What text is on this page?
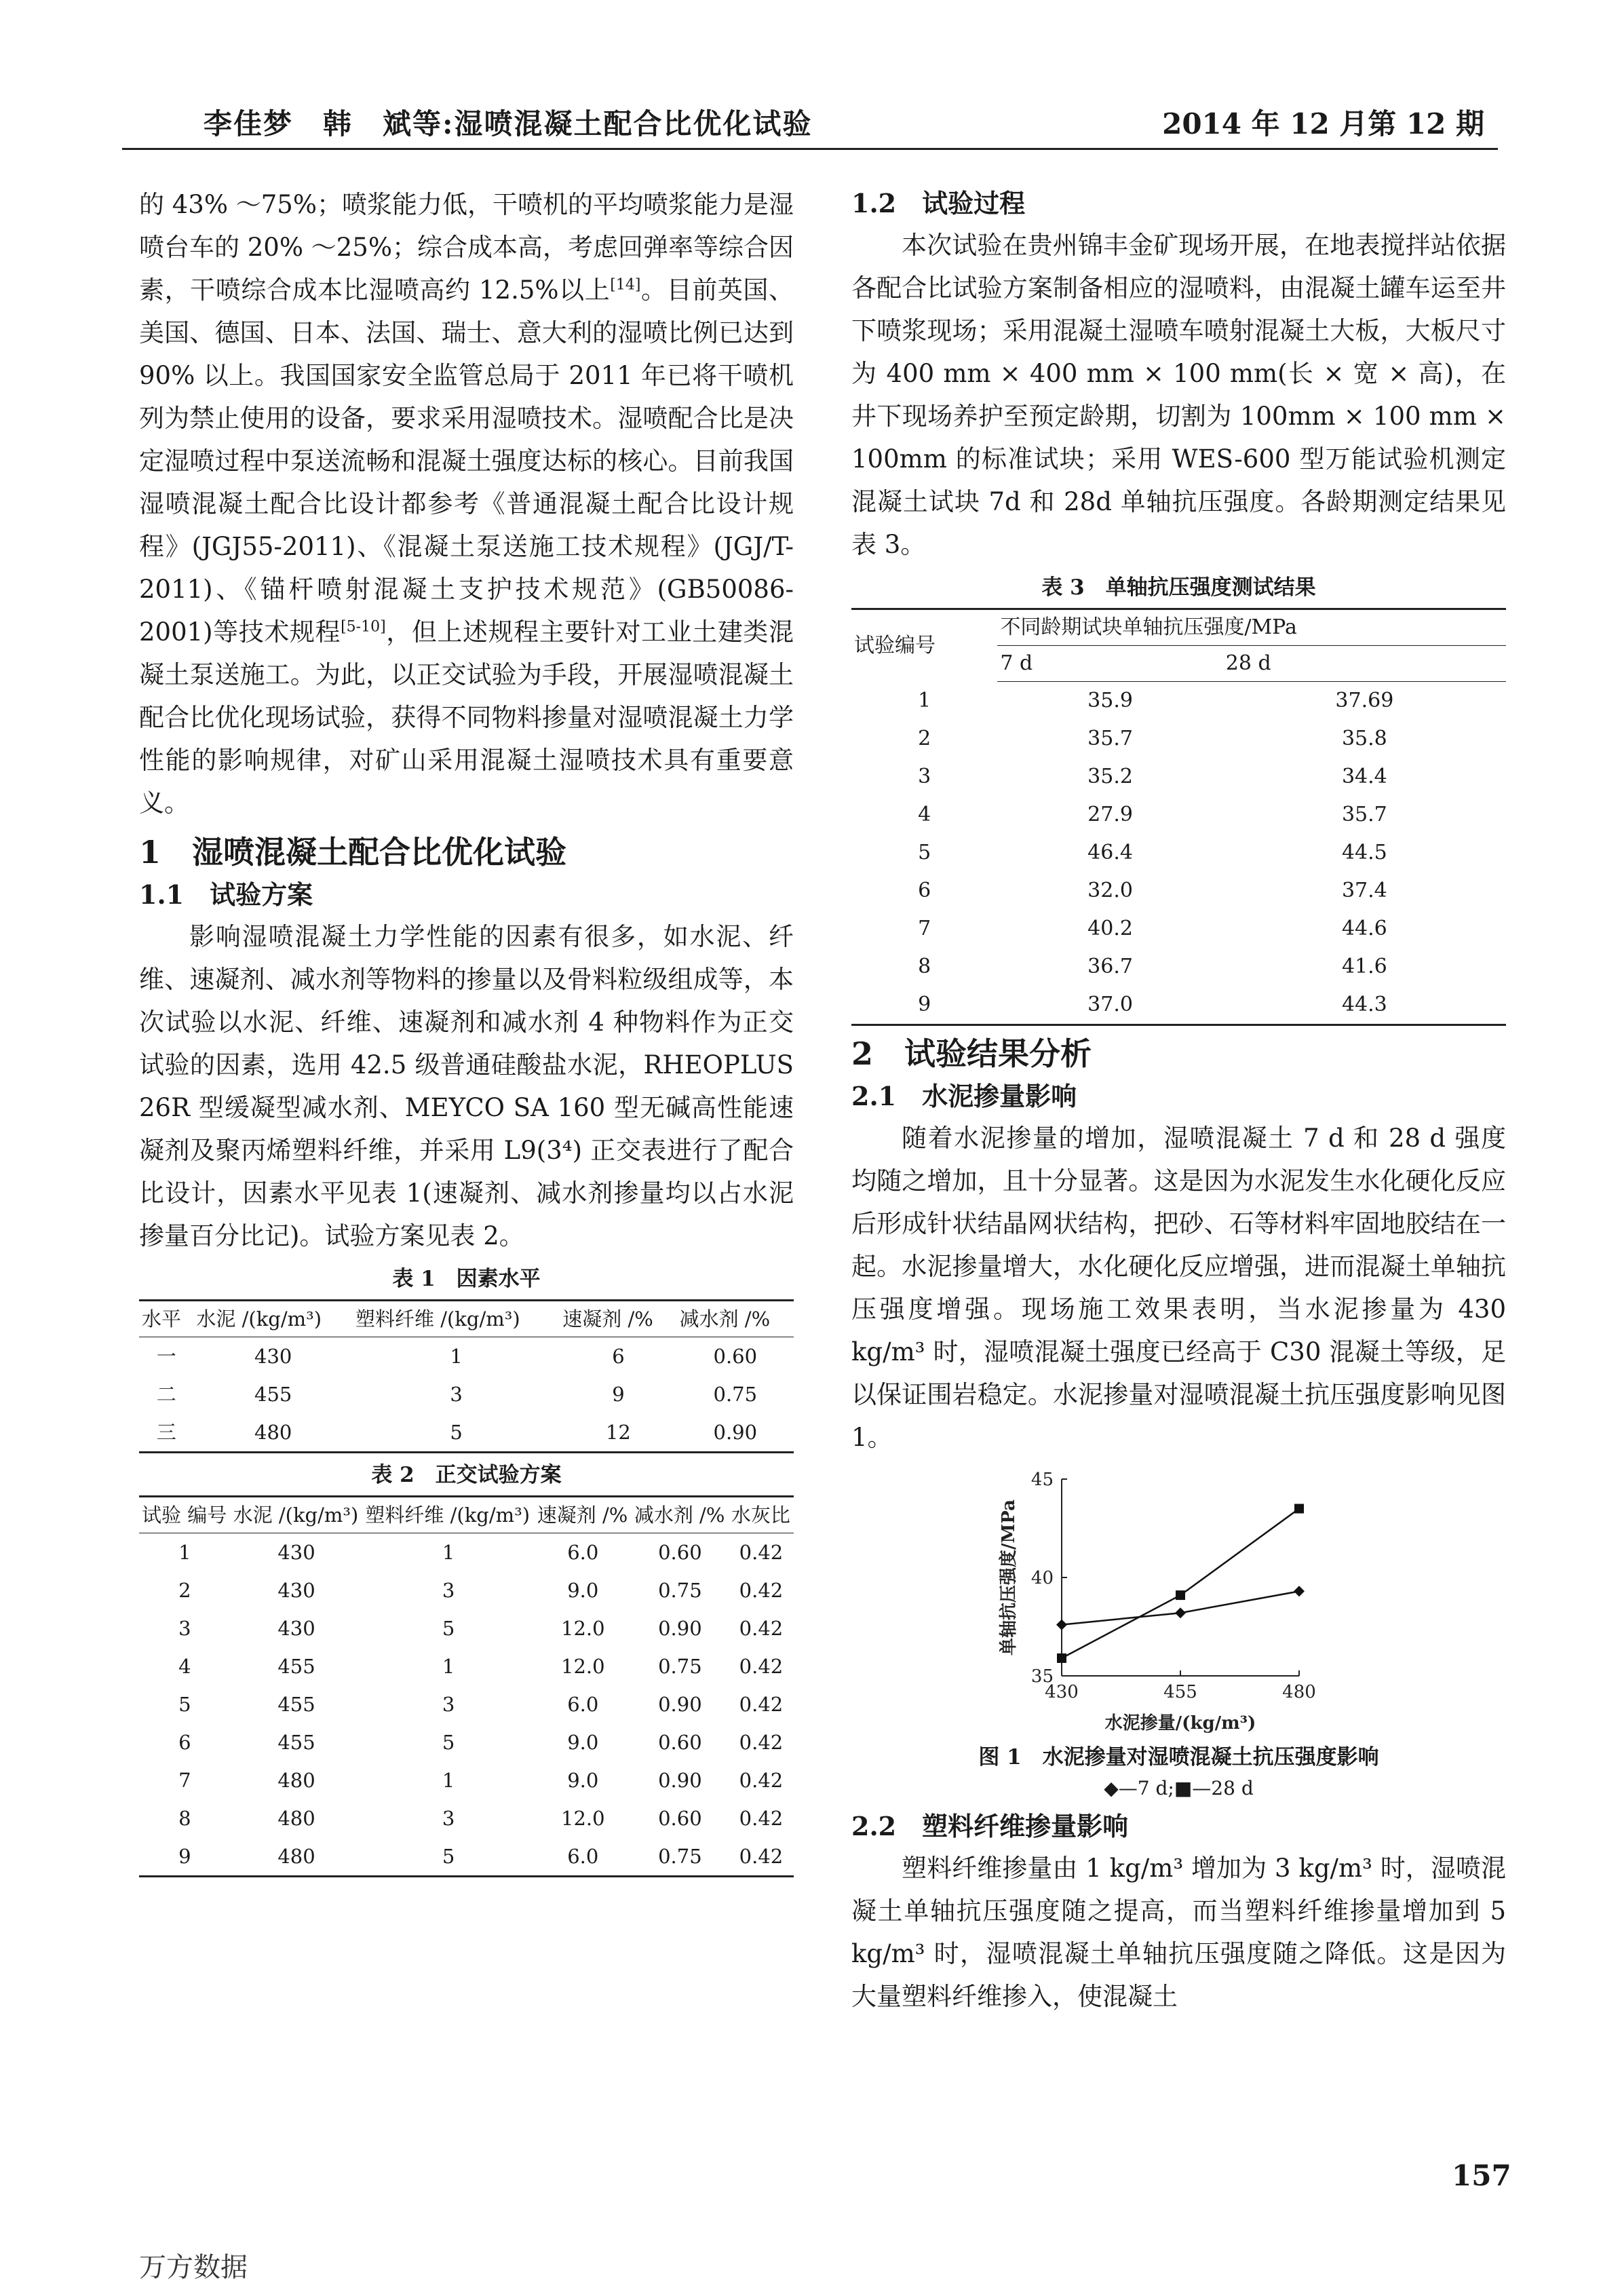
李佳梦　韩　斌等:湿喷混凝土配合比优化试验	2014 年 12 月第 12 期

的 43% ～75%；喷浆能力低，干喷机的平均喷浆能力是湿喷台车的 20% ～25%；综合成本高，考虑回弹率等综合因素，干喷综合成本比湿喷高约 12.5%以上[14]。目前英国、美国、德国、日本、法国、瑞士、意大利的湿喷比例已达到 90% 以上。我国国家安全监管总局于 2011 年已将干喷机列为禁止使用的设备，要求采用湿喷技术。湿喷配合比是决定湿喷过程中泵送流畅和混凝土强度达标的核心。目前我国湿喷混凝土配合比设计都参考《普通混凝土配合比设计规程》(JGJ55-2011)、《混凝土泵送施工技术规程》(JGJ/T-2011)、《锚杆喷射混凝土支护技术规范》(GB50086-2001)等技术规程[5-10]，但上述规程主要针对工业土建类混凝土泵送施工。为此，以正交试验为手段，开展湿喷混凝土配合比优化现场试验，获得不同物料掺量对湿喷混凝土力学性能的影响规律，对矿山采用混凝土湿喷技术具有重要意义。

1　湿喷混凝土配合比优化试验
1.1　试验方案

影响湿喷混凝土力学性能的因素有很多，如水泥、纤维、速凝剂、减水剂等物料的掺量以及骨料粒级组成等，本次试验以水泥、纤维、速凝剂和减水剂 4 种物料作为正交试验的因素，选用 42.5 级普通硅酸盐水泥，RHEOPLUS 26R 型缓凝型减水剂、MEYCO SA 160 型无碱高性能速凝剂及聚丙烯塑料纤维，并采用 L9(3⁴) 正交表进行了配合比设计，因素水平见表 1(速凝剂、减水剂掺量均以占水泥掺量百分比记)。试验方案见表 2。

表 1　因素水平
水平	水泥 /(kg/m³)	塑料纤维 /(kg/m³)	速凝剂 /%	减水剂 /%
一	430	1	6	0.60
二	455	3	9	0.75
三	480	5	12	0.90
表 2　正交试验方案
试验 编号	水泥 /(kg/m³)	塑料纤维 /(kg/m³)	速凝剂 /%	减水剂 /%	水灰比
1	430	1	6.0	0.60	0.42
2	430	3	9.0	0.75	0.42
3	430	5	12.0	0.90	0.42
4	455	1	12.0	0.75	0.42
5	455	3	6.0	0.90	0.42
6	455	5	9.0	0.60	0.42
7	480	1	9.0	0.90	0.42
8	480	3	12.0	0.60	0.42
9	480	5	6.0	0.75	0.42
1.2　试验过程

本次试验在贵州锦丰金矿现场开展，在地表搅拌站依据各配合比试验方案制备相应的湿喷料，由混凝土罐车运至井下喷浆现场；采用混凝土湿喷车喷射混凝土大板，大板尺寸为 400 mm × 400 mm × 100 mm(长 × 宽 × 高)，在井下现场养护至预定龄期，切割为 100mm × 100 mm × 100mm 的标准试块；采用 WES-600 型万能试验机测定混凝土试块 7d 和 28d 单轴抗压强度。各龄期测定结果见表 3。

表 3　单轴抗压强度测试结果
试验编号	不同龄期试块单轴抗压强度/MPa	
	7 d	28 d
1	35.9	37.69
2	35.7	35.8
3	35.2	34.4
4	27.9	35.7
5	46.4	44.5
6	32.0	37.4
7	40.2	44.6
8	36.7	41.6
9	37.0	44.3
2　试验结果分析
2.1　水泥掺量影响

随着水泥掺量的增加，湿喷混凝土 7 d 和 28 d 强度均随之增加，且十分显著。这是因为水泥发生水化硬化反应后形成针状结晶网状结构，把砂、石等材料牢固地胶结在一起。水泥掺量增大，水化硬化反应增强，进而混凝土单轴抗压强度增强。现场施工效果表明，当水泥掺量为 430 kg/m³ 时，湿喷混凝土强度已经高于 C30 混凝土等级，足以保证围岩稳定。水泥掺量对湿喷混凝土抗压强度影响见图 1。

35
40
45
430	455	480
水泥掺量/(kg/m³)
单轴抗压强度/MPa
图 1　水泥掺量对湿喷混凝土抗压强度影响
◆—7 d;■—28 d
2.2　塑料纤维掺量影响

塑料纤维掺量由 1 kg/m³ 增加为 3 kg/m³ 时，湿喷混凝土单轴抗压强度随之提高，而当塑料纤维掺量增加到 5 kg/m³ 时，湿喷混凝土单轴抗压强度随之降低。这是因为大量塑料纤维掺入，使混凝土

157
万方数据
